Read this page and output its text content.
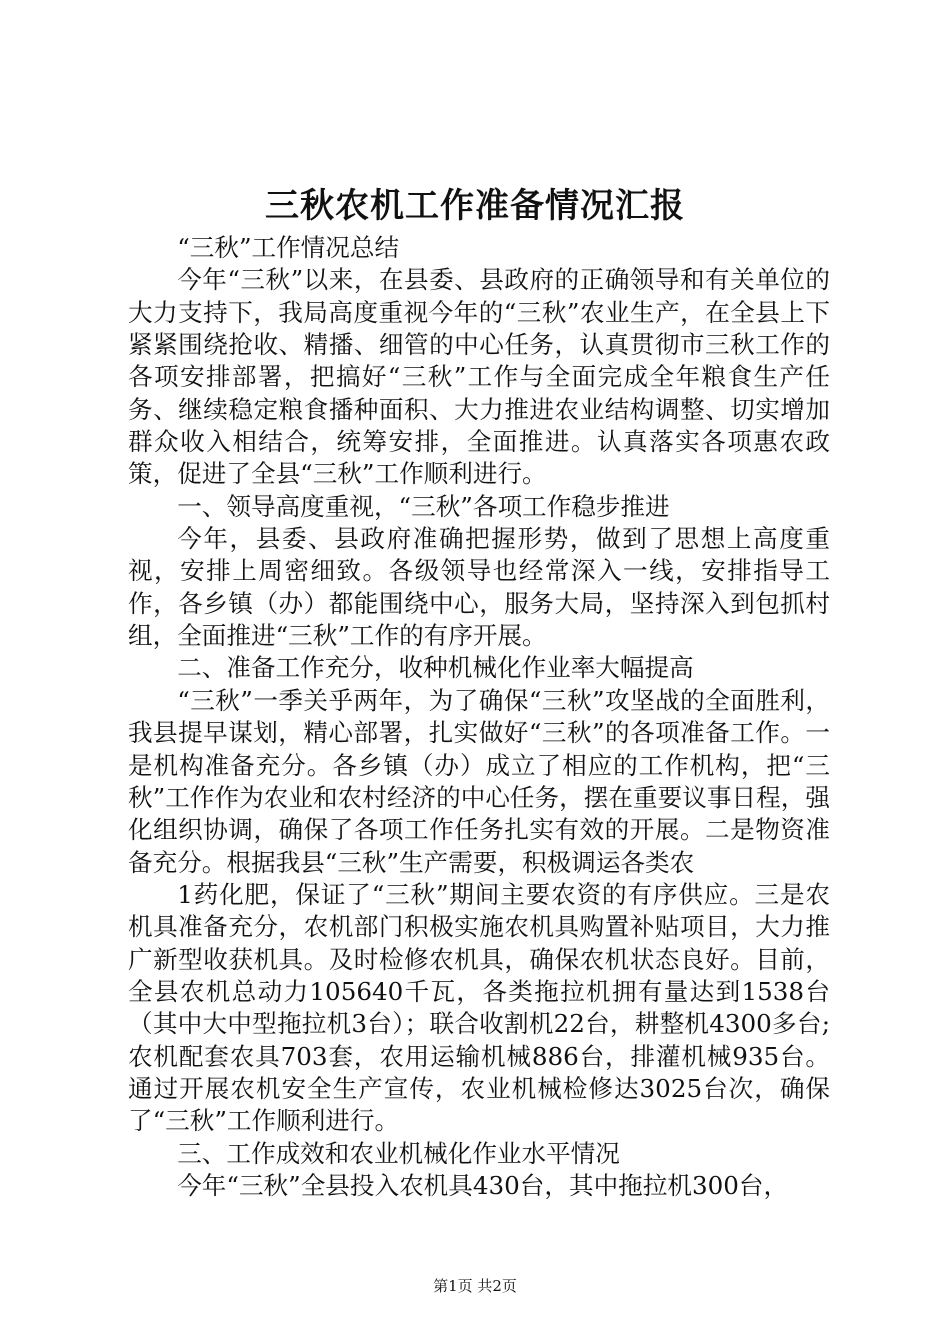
三秋农机工作准备情况汇报

“三秋”工作情况总结

今年“三秋”以来，在县委、县政府的正确领导和有关单位的大力支持下，我局高度重视今年的“三秋”农业生产，在全县上下紧紧围绕抢收、精播、细管的中心任务，认真贯彻市三秋工作的各项安排部署，把搞好“三秋”工作与全面完成全年粮食生产任务、继续稳定粮食播种面积、大力推进农业结构调整、切实增加群众收入相结合，统筹安排，全面推进。认真落实各项惠农政策，促进了全县“三秋”工作顺利进行。

一、领导高度重视，“三秋”各项工作稳步推进

今年，县委、县政府准确把握形势，做到了思想上高度重视，安排上周密细致。各级领导也经常深入一线，安排指导工作，各乡镇（办）都能围绕中心，服务大局，坚持深入到包抓村组，全面推进“三秋”工作的有序开展。

二、准备工作充分，收种机械化作业率大幅提高

“三秋”一季关乎两年，为了确保“三秋”攻坚战的全面胜利，我县提早谋划，精心部署，扎实做好“三秋”的各项准备工作。一是机构准备充分。各乡镇（办）成立了相应的工作机构，把“三秋”工作作为农业和农村经济的中心任务，摆在重要议事日程，强化组织协调，确保了各项工作任务扎实有效的开展。二是物资准备充分。根据我县“三秋”生产需要，积极调运各类农

1药化肥，保证了“三秋”期间主要农资的有序供应。三是农机具准备充分，农机部门积极实施农机具购置补贴项目，大力推广新型收获机具。及时检修农机具，确保农机状态良好。目前，全县农机总动力105640千瓦，各类拖拉机拥有量达到1538台（其中大中型拖拉机3台）；联合收割机22台，耕整机4300多台;农机配套农具703套，农用运输机械886台，排灌机械935台。通过开展农机安全生产宣传，农业机械检修达3025台次，确保了“三秋”工作顺利进行。

三、工作成效和农业机械化作业水平情况

今年“三秋”全县投入农机具430台，其中拖拉机300台，

第1页 共2页
